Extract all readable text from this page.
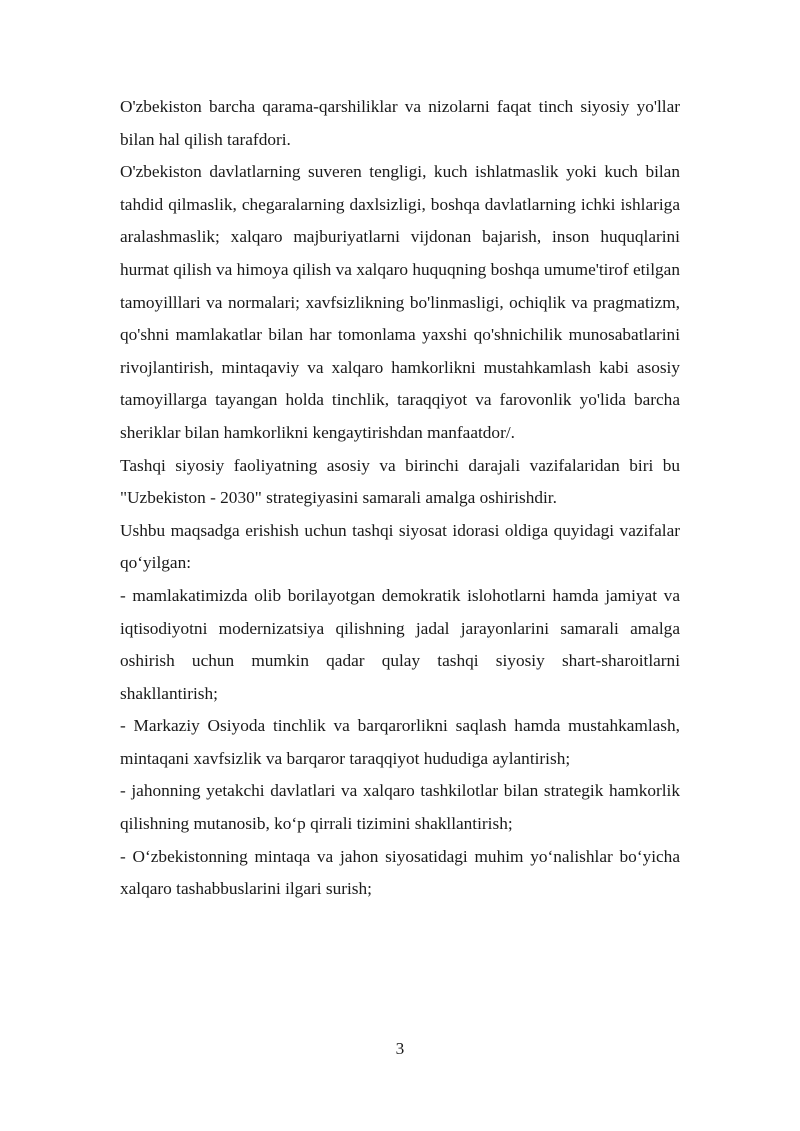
O'zbekiston barcha qarama-qarshiliklar va nizolarni faqat tinch siyosiy yo'llar bilan hal qilish tarafdori.

O'zbekiston davlatlarning suveren tengligi, kuch ishlatmaslik yoki kuch bilan tahdid qilmaslik, chegaralarning daxlsizligi, boshqa davlatlarning ichki ishlariga aralashmaslik; xalqaro majburiyatlarni vijdonan bajarish, inson huquqlarini hurmat qilish va himoya qilish va xalqaro huquqning boshqa umume'tirof etilgan tamoyilllari va normalari; xavfsizlikning bo'linmasligi, ochiqlik va pragmatizm, qo'shni mamlakatlar bilan har tomonlama yaxshi qo'shnichilik munosabatlarini rivojlantirish, mintaqaviy va xalqaro hamkorlikni mustahkamlash kabi asosiy tamoyillarga tayangan holda tinchlik, taraqqiyot va farovonlik yo'lida barcha sheriklar bilan hamkorlikni kengaytirishdan manfaatdor/.

Tashqi siyosiy faoliyatning asosiy va birinchi darajali vazifalaridan biri bu "Uzbekiston - 2030" strategiyasini samarali amalga oshirishdir.

Ushbu maqsadga erishish uchun tashqi siyosat idorasi oldiga quyidagi vazifalar qo‘yilgan:

- mamlakatimizda olib borilayotgan demokratik islohotlarni hamda jamiyat va iqtisodiyotni modernizatsiya qilishning jadal jarayonlarini samarali amalga oshirish uchun mumkin qadar qulay tashqi siyosiy shart-sharoitlarni shakllantirish;

- Markaziy Osiyoda tinchlik va barqarorlikni saqlash hamda mustahkamlash, mintaqani xavfsizlik va barqaror taraqqiyot hududiga aylantirish;

- jahonning yetakchi davlatlari va xalqaro tashkilotlar bilan strategik hamkorlik qilishning mutanosib, ko‘p qirrali tizimini shakllantirish;

- O‘zbekistonning mintaqa va jahon siyosatidagi muhim yo‘nalishlar bo‘yicha xalqaro tashabbuslarini ilgari surish;

3
